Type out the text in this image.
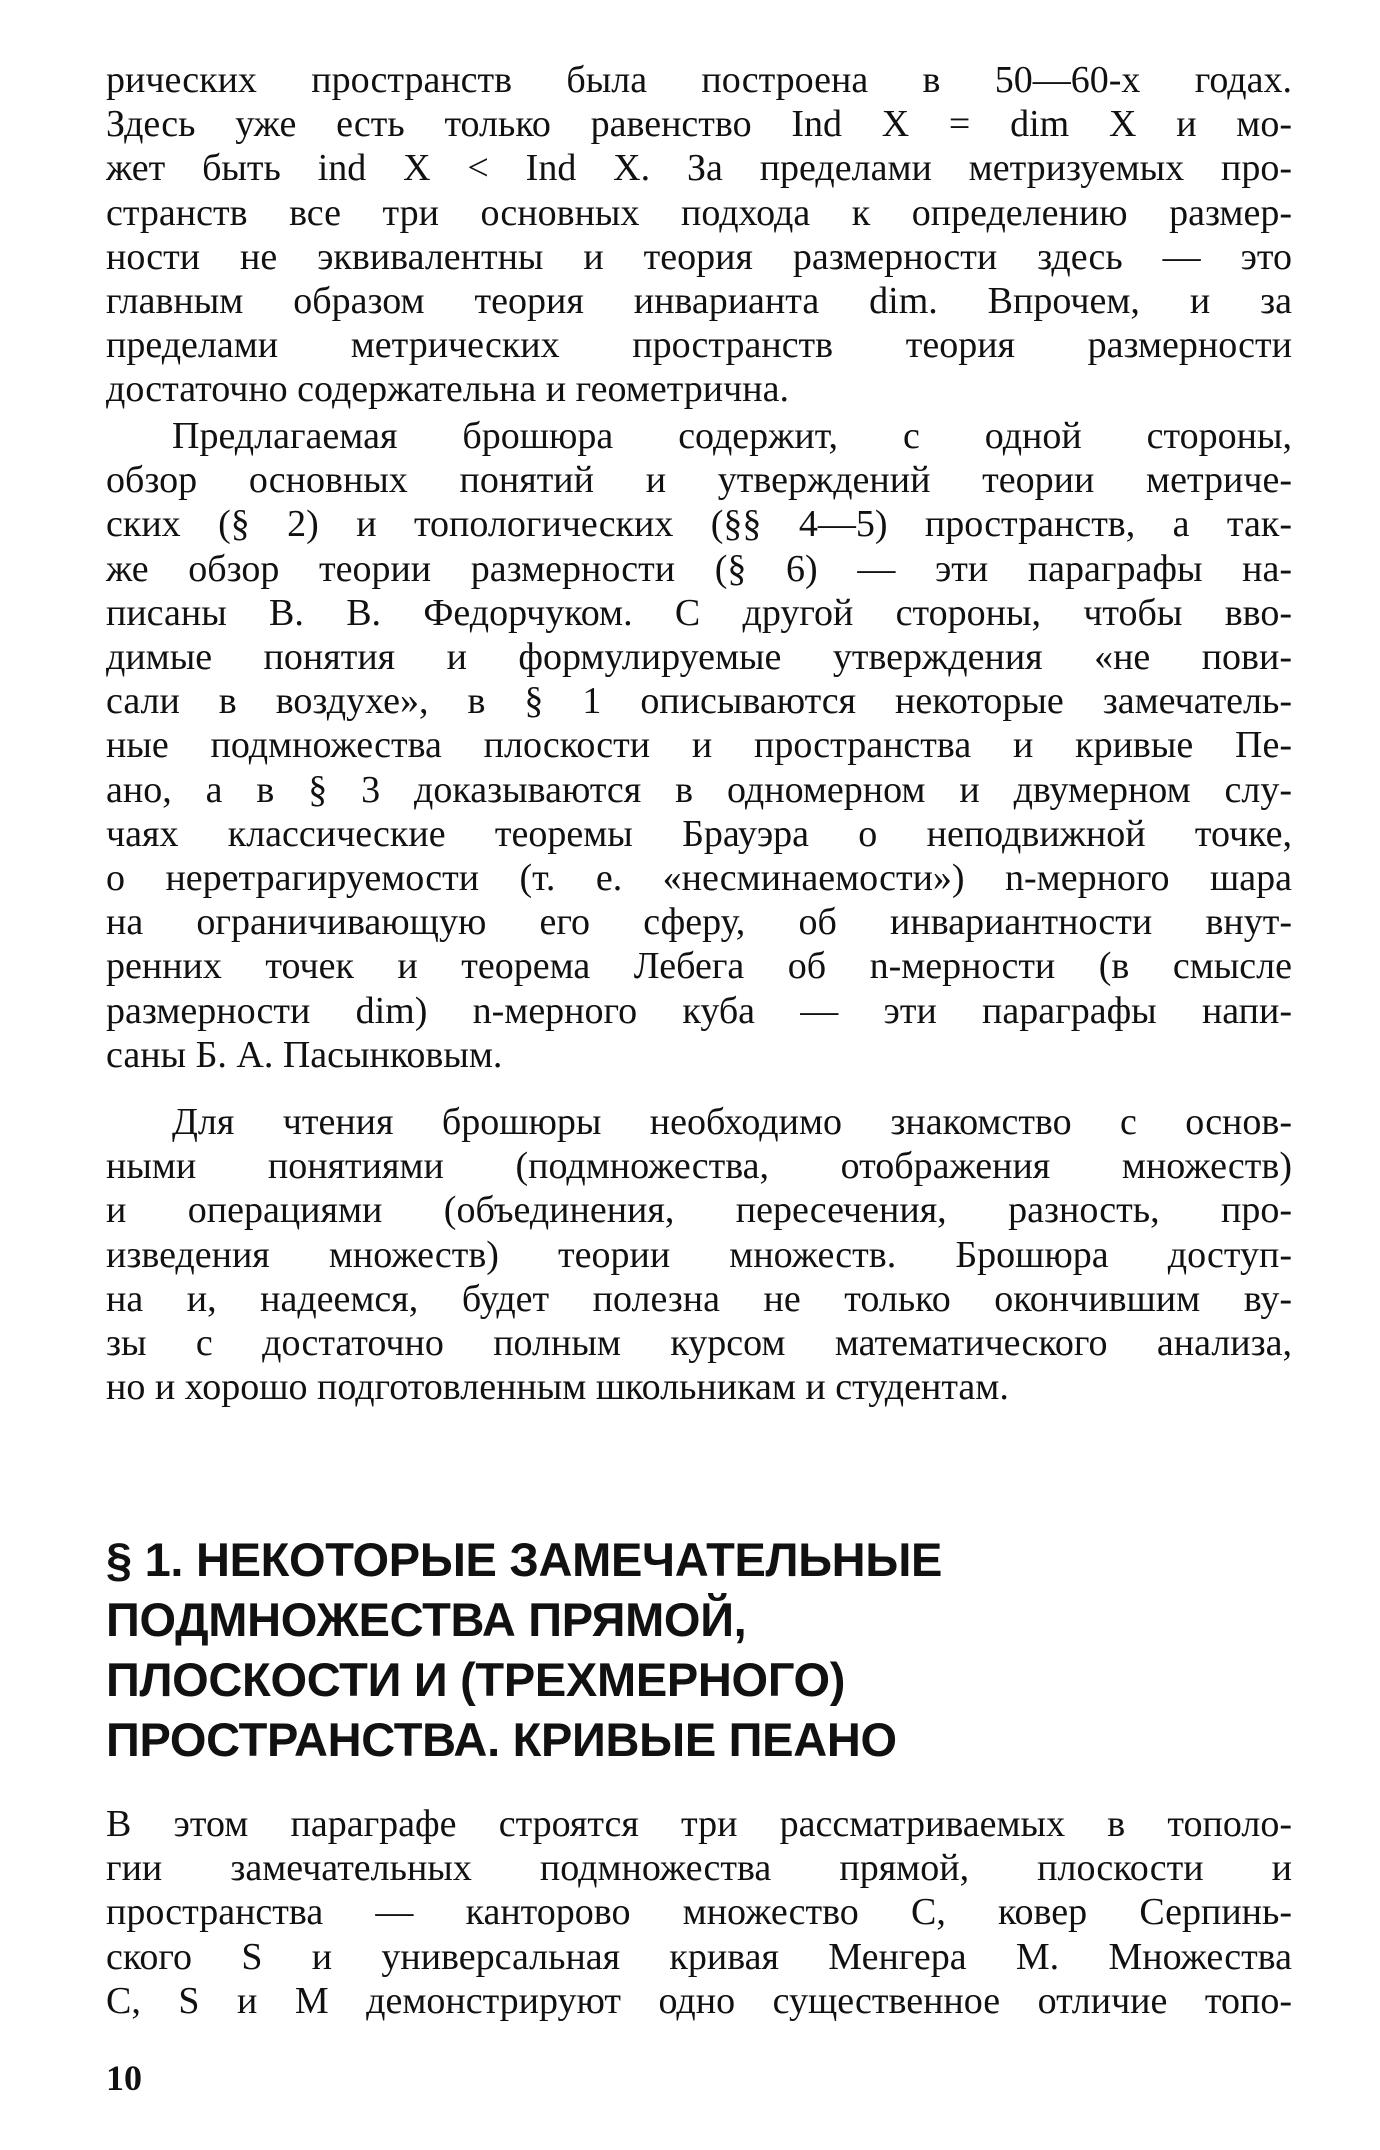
рических пространств была построена в 50—60-х годах.
Здесь уже есть только равенство Ind X = dim X и мо-
жет быть ind X < Ind X. За пределами метризуемых про-
странств все три основных подхода к определению размер-
ности не эквивалентны и теория размерности здесь — это
главным образом теория инварианта dim. Впрочем, и за
пределами метрических пространств теория размерности
достаточно содержательна и геометрична.

Предлагаемая брошюра содержит, с одной стороны,
обзор основных понятий и утверждений теории метриче-
ских (§ 2) и топологических (§§ 4—5) пространств, а так-
же обзор теории размерности (§ 6) — эти параграфы на-
писаны В. В. Федорчуком. С другой стороны, чтобы вво-
димые понятия и формулируемые утверждения «не пови-
сали в воздухе», в § 1 описываются некоторые замечатель-
ные подмножества плоскости и пространства и кривые Пе-
ано, а в § 3 доказываются в одномерном и двумерном слу-
чаях классические теоремы Брауэра о неподвижной точке,
о неретрагируемости (т. е. «несминаемости») n-мерного шара
на ограничивающую его сферу, об инвариантности внут-
ренних точек и теорема Лебега об n-мерности (в смысле
размерности dim) n-мерного куба — эти параграфы напи-
саны Б. А. Пасынковым.

Для чтения брошюры необходимо знакомство с основ-
ными понятиями (подмножества, отображения множеств)
и операциями (объединения, пересечения, разность, про-
изведения множеств) теории множеств. Брошюра доступ-
на и, надеемся, будет полезна не только окончившим ву-
зы с достаточно полным курсом математического анализа,
но и хорошо подготовленным школьникам и студентам.

§ 1. НЕКОТОРЫЕ ЗАМЕЧАТЕЛЬНЫЕ
ПОДМНОЖЕСТВА ПРЯМОЙ,
ПЛОСКОСТИ И (ТРЕХМЕРНОГО)
ПРОСТРАНСТВА. КРИВЫЕ ПЕАНО

В этом параграфе строятся три рассматриваемых в тополо-
гии замечательных подмножества прямой, плоскости и
пространства — канторово множество C, ковер Серпинь-
ского S и универсальная кривая Менгера M. Множества
C, S и M демонстрируют одно существенное отличие топо-

10
